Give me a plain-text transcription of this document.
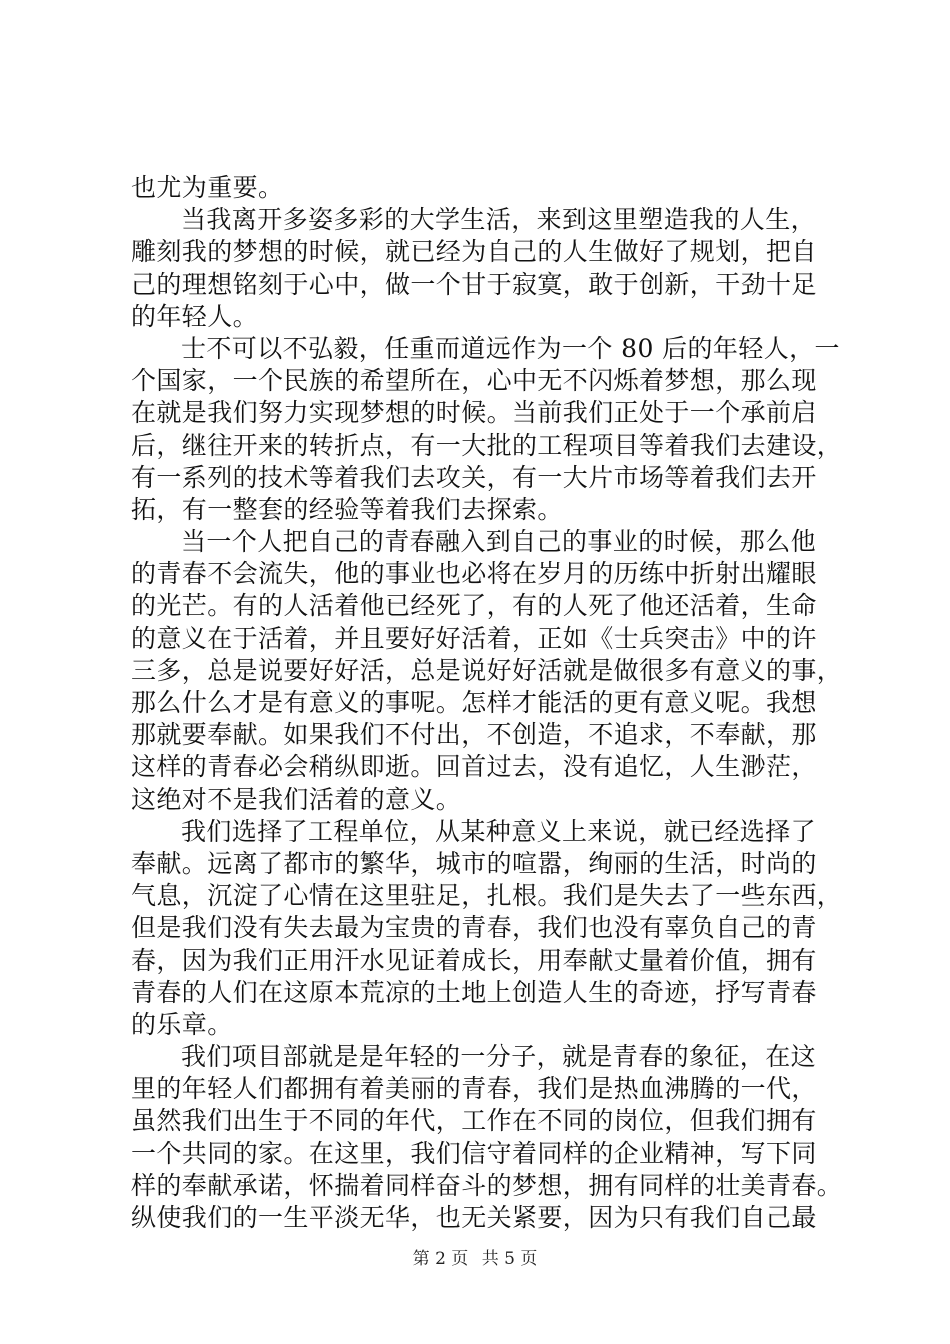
也尤为重要。
当我离开多姿多彩的大学生活，来到这里塑造我的人生，
雕刻我的梦想的时候，就已经为自己的人生做好了规划，把自
己的理想铭刻于心中，做一个甘于寂寞，敢于创新，干劲十足
的年轻人。
士不可以不弘毅，任重而道远作为一个 80 后的年轻人，一
个国家，一个民族的希望所在，心中无不闪烁着梦想，那么现
在就是我们努力实现梦想的时候。当前我们正处于一个承前启
后，继往开来的转折点，有一大批的工程项目等着我们去建设，
有一系列的技术等着我们去攻关，有一大片市场等着我们去开
拓，有一整套的经验等着我们去探索。
当一个人把自己的青春融入到自己的事业的时候，那么他
的青春不会流失，他的事业也必将在岁月的历练中折射出耀眼
的光芒。有的人活着他已经死了，有的人死了他还活着，生命
的意义在于活着，并且要好好活着，正如《士兵突击》中的许
三多，总是说要好好活，总是说好好活就是做很多有意义的事，
那么什么才是有意义的事呢。怎样才能活的更有意义呢。我想
那就要奉献。如果我们不付出，不创造，不追求，不奉献，那
这样的青春必会稍纵即逝。回首过去，没有追忆，人生渺茫，
这绝对不是我们活着的意义。
我们选择了工程单位，从某种意义上来说，就已经选择了
奉献。远离了都市的繁华，城市的喧嚣，绚丽的生活，时尚的
气息，沉淀了心情在这里驻足，扎根。我们是失去了一些东西，
但是我们没有失去最为宝贵的青春，我们也没有辜负自己的青
春，因为我们正用汗水见证着成长，用奉献丈量着价值，拥有
青春的人们在这原本荒凉的土地上创造人生的奇迹，抒写青春
的乐章。
我们项目部就是是年轻的一分子，就是青春的象征，在这
里的年轻人们都拥有着美丽的青春，我们是热血沸腾的一代，
虽然我们出生于不同的年代，工作在不同的岗位，但我们拥有
一个共同的家。在这里，我们信守着同样的企业精神，写下同
样的奉献承诺，怀揣着同样奋斗的梦想，拥有同样的壮美青春。
纵使我们的一生平淡无华，也无关紧要，因为只有我们自己最
第 2 页 共 5 页
